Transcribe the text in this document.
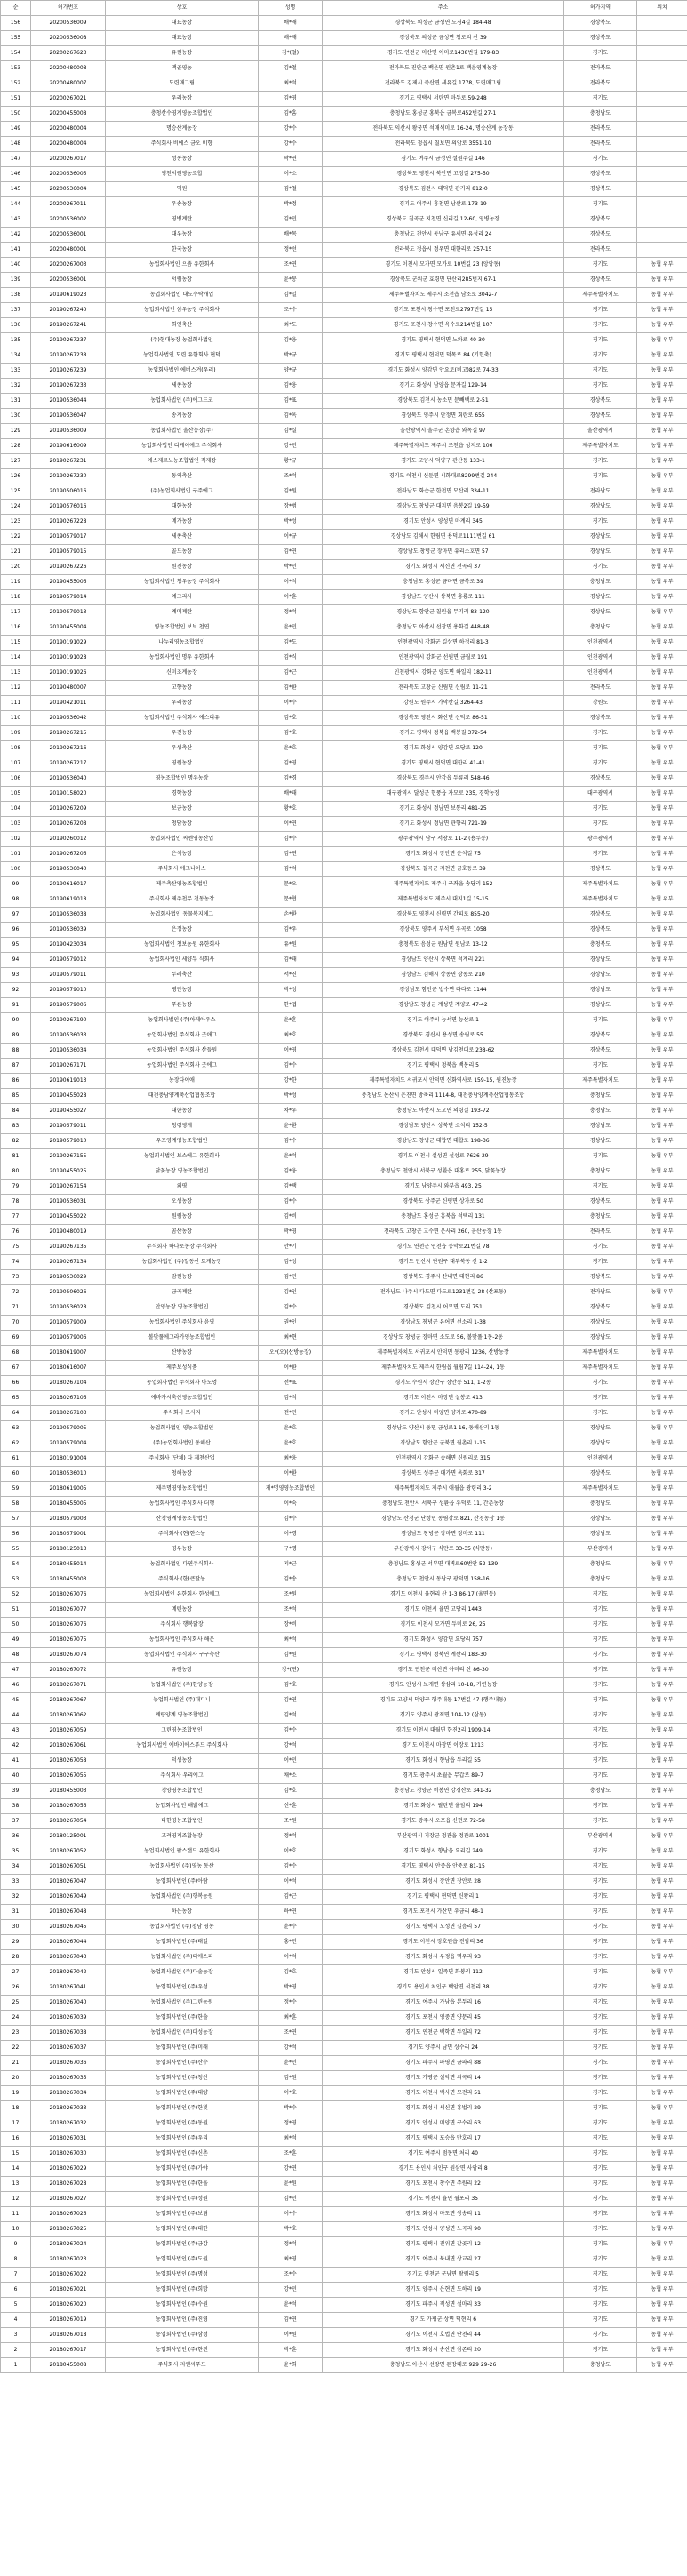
순	허가번호	상호	성명	주소	허가지역	위치
156	20200536009	대표농장	배*재	경상북도 의성군 금성면 도경4길 184-48	경상북도	
155	20200536008	대표농장	배*재	경상북도 의성군 금성면 청로리 산 39	경상북도	
154	20200267623	유원농장	김*(얼)	경기도 연천군 미산면 아미로1438번길 179-83	경기도	
153	20200480008	맥골영농	김*철	전라북도 진안군 백운면 원촌1로 백운영계농장	전라북도	
152	20200480007	도련매그림	최*석	전라북도 김제시 죽산면 세유길 1778, 도련매그림	전라북도	
151	20200267021	우리농장	김*영	경기도 평택시 서탄면 마두로 59-248	경기도	
150	20200455008	충청산수영계영농조합법인	김*흠	충청남도 홍성군 홍북읍 금복로452번길 27-1	충청남도	
149	20200480004	명승산계농장	강*수	전라북도 익산시 왕궁면 석매석미로 16-24, 명승산계 농장동	전라북도	
148	20200480004	주식회사 비에스 금오 미향	강*수	전라북도 정읍시 칠보면 의암로 3551-10	전라북도	
147	20200267017	성동농장	곽*연	경기도 여주시 금정면 설원주길 146	경기도	
146	20200536005	영천서원영농조합	이*소	경상북도 영천시 북안면 고정길 275-50	경상북도	
145	20200536004	덕원	김*철	경상북도 김천시 대덕면 관기리 812-0	경상북도	
144	20200267011	우송농장	박*정	경기도 여주시 흥천면 남산로 173-19	경기도	
143	20200536002	영병계란	김*민	경상북도 칠곡군 지천면 신리길 12-60, 영병농장	경상북도	
142	20200536001	대우농장	배*목	충청남도 천안시 동남구 유세면 유성리 24	경상북도	
141	20200480001	한국농장	정*선	전라북도 정읍시 정우면 대한리로 257-15	전라북도	
140	20200267003	농업회사법인 으뜸 유한회사	조*연	경기도 이천시 모가면 모가로 10번길 23 (앙앙동)	경기도	농협 위부
139	20200536001	서림농장	윤*봉	경상북도 군위군 효령면 단산리285번지 67-1	경상북도	농협 위부
138	20190619023	농업회사법인 대도수탁개업	김*일	제주특별자치도 제주시 조천읍 남조로 3042-7	제주특별자치도	농협 위부
137	20190267240	농업회사법인 삼우농장 주식회사	조*수	경기도 포천시 창수면 포천로2797번길 15	경기도	농협 위부
136	20190267241	희연축산	최*도	경기도 포천시 창수면 옥수로214번길 107	경기도	농협 위부
135	20190267237	(주)현대농장 농업회사법인	김*웅	경기도 평택시 현덕면 노와로 40-30	경기도	농협 위부
134	20190267238	농업회사법인 도련 유한회사 현덕	박*규	경기도 평택시 현덕면 덕목로 84 (기헌축)	경기도	농협 위부
133	20190267239	농업회사법인 에버스겨(우리)	양*규	경기도 화성시 양감면 안요로(비고)82로 74-33	경기도	농협 위부
132	20190267233	세종농장	김*웅	경기도 화성시 남양읍 문자길 129-14	경기도	농협 위부
131	20190536044	농업회사법인 (주)에그드코	김*표	경상북도 김천시 농소면 문빼백로 2-51	경상북도	농협 위부
130	20190536047	송계농장	김*옥	경상북도 영주시 안정면 회란로 655	경상북도	농협 위부
129	20190536009	농업회사법인 울산농장(주)	김*실	울산광역시 울주군 온양읍 와목길 97	울산광역시	농협 위부
128	20190616009	농업회사법인 디케이에그 주식회사	강*민	제주특별자치도 제주시 조천읍 성지로 106	제주특별자치도	농협 위부
127	20190267231	에스제르노농조합법인 직제장	황*규	경기도 고양시 덕양구 관산동 133-1	경기도	농협 위부
126	20190267230	동의축산	조*석	경기도 이천시 신둔면 시화대로8299번길 244	경기도	농협 위부
125	20190506016	(주)농업회사법인 구주에그	김*원	전라남도 화순군 한천면 모산리 334-11	전라남도	농협 위부
124	20190576016	대한농장	장*범	경상남도 창녕군 대지면 음봉2길 19-59	경상남도	농협 위부
123	20190267228	메가농장	박*성	경기도 안성시 양성면 마계리 345	경기도	농협 위부
122	20190579017	세종축산	이*규	경상남도 김해시 한림면 용덕로1111번길 61	경상남도	농협 위부
121	20190579015	골드농장	김*연	경상남도 창녕군 장마면 유리소호면 57	경상남도	농협 위부
120	20190267226	원진농장	박*민	경기도 화성시 서신면 전곡리 37	경기도	농협 위부
119	20190455006	농업회사법인 청우농장 주식회사	이*석	충청남도 홍성군 금마면 금복로 39	충청남도	농협 위부
118	20190579014	예그리사	이*훈	경상남도 양산시 상북면 홍룡로 111	경상남도	농협 위부
117	20190579013	계미계란	정*석	경상남도 함안군 칠원읍 무기리 83-120	경상남도	농협 위부
116	20190455004	영농조합법인 보보 천연	윤*민	충청남도 아산시 선장면 용화길 448-48	충청남도	농협 위부
115	20190191029	나누리영농조합법인	김*도	인천광역시 강화군 길상면 하정리 81-3	인천광역시	농협 위부
114	20190191028	농업회사법인 명우 유한회사	김*식	인천광역시 강화군 선원면 금월로 191	인천광역시	농협 위부
113	20190191026	신미조계농장	김*근	인천광역시 강화군 양도면 하일리 182-11	인천광역시	농협 위부
112	20190480007	고향농장	김*환	전라북도 고창군 신림면 신림로 11-21	전라북도	농협 위부
111	20190421011	우리농장	이*수	강원도 원주시 가막산길 3264-43	강원도	농협 위부
110	20190536042	농업회사법인 주식회사 에스디유	김*호	경상북도 영천시 화산면 신덕로 86-51	경상북도	농협 위부
109	20190267215	우진농장	김*호	경기도 평택시 청북읍 백봉길 372-54	경기도	농협 위부
108	20190267216	우성축산	윤*호	경기도 화성시 양감면 요당로 120	경기도	농협 위부
107	20190267217	영원농장	김*영	경기도 평택시 현덕면 대한리 41-41	경기도	농협 위부
106	20190536040	영농조합법인 명우농장	김*경	경상북도 경주시 안강읍 두류리 548-46	경상북도	농협 위부
105	20190158020	경학농장	배*태	대구광역시 달성군 현풍읍 자모로 235, 경학농장	대구광역시	농협 위부
104	20190267209	보금농장	황*호	경기도 화성시 정남면 보통리 481-25	경기도	농협 위부
103	20190267208	청담농장	이*연	경기도 화성시 정남면 관항리 721-19	경기도	농협 위부
102	20190260012	농업회사법인 씨엔영농산업	김*수	광주광역시 남구 서창로 11-2 (용두동)	광주광역시	농협 위부
101	20190267206	은석농장	김*연	경기도 화성시 장안면 운석길 75	경기도	농협 위부
100	20190536040	주식회사 에그나이스	김*석	경상북도 칠곡군 지천면 금호동로 39	경상북도	농협 위부
99	20190616017	제주축산영농조합법인	문*오	제주특별자치도 제주시 구좌읍 송당리 152	제주특별자치도	농협 위부
98	20190619018	주식회사 제주천무 천동농장	문*협	제주특별자치도 제주시 대지1길 15-15	제주특별자치도	농협 위부
97	20190536038	농업회사법인 동물복지에그	손*환	경상북도 영천시 신령면 간피로 855-20	경상북도	농협 위부
96	20190536039	은정농장	김*우	경상북도 영주시 부석면 우곡로 1058	경상북도	농협 위부
95	20190423034	농업회사법인 청보농원 유한회사	유*원	충청북도 음성군 원남면 원남로 13-12	충청북도	농협 위부
94	20190579012	농업회사법인 세양두 식회사	김*태	경상남도 양산시 상북면 석계리 221	경상남도	농협 위부
93	20190579011	두레축산	서*진	경상남도 김해시 상동면 상동로 210	경상남도	농협 위부
92	20190579010	평안농장	박*성	경상남도 함안군 법수면 다다로 1144	경상남도	농협 위부
91	20190579006	푸른농장	한*엽	경상남도 창녕군 계성면 계양로 47-42	경상남도	농협 위부
90	20190267190	농업회사법인 (주)아레아우스	윤*훈	경기도 여주시 능서면 능산로 1	경기도	농협 위부
89	20190536033	농업회사법인 주식회사 굿애그	최*호	경상북도 경산시 용성면 송림로 55	경상북도	농협 위부
88	20190536034	농업회사법인 주식회사 산들원	이*영	경상북도 김천시 대덕면 남김천대로 238-62	경상북도	농협 위부
87	20190267171	농업회사법인 주식회사 굿에그	김*수	경기도 평택시 청북읍 백봉리 5	경기도	농협 위부
86	20190619013	농장다이애	강*한	제주특별자치도 서귀포시 안덕면 신화역사로 159-15, 원진농장	제주특별자치도	농협 위부
85	20190455028	대전충남양계축산업협동조합	박*성	충청남도 논산시 은진면 방축리 1114-8, 대전충남양계축산업협동조합	충청남도	농협 위부
84	20190455027	대한농장	차*우	충청남도 아산시 도고면 의령길 193-72	충청남도	농협 위부
83	20190579011	청령영계	윤*환	경상남도 양산시 상북면 소석리 152-5	경상남도	농협 위부
82	20190579010	우포영계영농조합법인	김*수	경상남도 창녕군 대합면 대합로 198-36	경상남도	농협 위부
81	20190267155	농업회사법인 보스에그 유한회사	윤*석	경기도 이천시 설성면 설성로 7626-29	경기도	농협 위부
80	20190455025	닭꽃농장 영농조합법인	김*웅	충청남도 천안시 서북구 성환읍 대홍로 255, 닭꽃농장	충청남도	농협 위부
79	20190267154	외평	김*택	경기도 남양주시 와부읍 493, 25	경기도	농협 위부
78	20190536031	오성농장	김*수	경상북도 상주군 신평면 상가로 50	경상북도	농협 위부
77	20190455022	원림농장	김*비	충청남도 홍성군 홍북읍 석택리 131	충청남도	농협 위부
76	20190480019	곰산농장	곽*영	전라북도 고창군 고수면 은사리 260, 곰산농장 1동	전라북도	농협 위부
75	20190267135	주식회사 하나로농장 주식회사	안*기	경기도 연천군 연천읍 동막로21번길 78	경기도	농협 위부
74	20190267134	농업회사법인 (주)일동산 토계농장	김*성	경기도 안산시 단원구 대부북동 산 1-2	경기도	농협 위부
73	20190536029	감원농장	김*민	경상북도 경주시 산내면 대현리 86	경상북도	농협 위부
72	20190506026	금곡계란	김*인	전라남도 나주시 다도면 다도로1231번길 28 (산포동)	전라남도	농협 위부
71	20190536028	안영농장 영농조합법인	김*수	경상북도 김천시 어모면 도리 751	경상북도	농협 위부
70	20190579009	농업회사법인 주식회사 윤영	권*인	경상남도 창녕군 유어면 선소리 1-38	경상남도	농협 위부
69	20190579006	볼맞풀에그라가영농조합법인	최*현	경상남도 창녕군 장마면 소도로 56, 볼맞풀 1동-2동	경상남도	농협 위부
68	20180619007	산방농장	오*(오)(산방농장)	제주특별자치도 서귀포시 안덕면 동광리 1236, 산방농장	제주특별자치도	농협 위부
67	20180616007	제주보성식품	이*환	제주특별자치도 제주시 한림읍 월림7길 114-24, 1동	제주특별자치도	농협 위부
66	20180267104	농업회사법인 주식회사 아도엉	전*표	경기도 수원시 장안구 장안동 511, 1-2동	경기도	농협 위부
65	20180267106	에바가시축산영농조합법인	김*석	경기도 이천시 마장면 설봉로 413	경기도	농협 위부
64	20180267103	주식회사 로사지	전*민	경기도 안성시 미양면 양지로 470-89	경기도	농협 위부
63	20190579005	농업회사법인 영농조합법인	윤*호	경상남도 양산시 동면 금성로1 16, 동해산리 1동	경상남도	농협 위부
62	20190579004	(주)농업회사법인 동해산	윤*호	경상남도 함안군 군북면 월촌리 1-15	경상남도	농협 위부
61	20180191004	주식회사 (단체) 다 제천산업	최*웅	인천광역시 강화군 송해면 신원리로 315	인천광역시	농협 위부
60	20180536010	청해농장	이*환	경상북도 성주군 대가면 옥화로 317	경상북도	농협 위부
59	20180619005	제주명영영농조합법인	제*명영영농조합법인	제주특별자치도 제주시 애월읍 광령리 3-2	제주특별자치도	농협 위부
58	20180455005	농업회사법인 주식회사 더행	이*숙	충청남도 천안시 서북구 성환읍 우덕로 11, 간촌농장	충청남도	농협 위부
57	20180579003	산청영계영농조합법인	김*수	경상남도 산청군 단성면 동림강로 821, 산청농장 1동	경상남도	농협 위부
56	20180579001	주식회사 (현)한스농	이*경	경상남도 창녕군 장마면 장마로 111	경상남도	농협 위부
55	20180125013	영우농장	구*명	부산광역시 강서구 식만로 33-35 (식만동)	부산광역시	농협 위부
54	20180455014	농업회사법인 다연주식회사	지*근	충청남도 홍성군 서부면 대벽로60번안 52-139	충청남도	농협 위부
53	20180455003	주식회사 (한)큰딸농	김*송	충청남도 천안시 동남구 광덕면 158-16	충청남도	농협 위부
52	20180267076	농업회사법인 유한회사 한성에그	조*원	경기도 이천시 율현리 산 1-3 86-17 (율면동)	경기도	농협 위부
51	20180267077	메텐농장	조*석	경기도 이천시 율면 고당리 1443	경기도	농협 위부
50	20180267076	주식회사 행복닭장	장*비	경기도 이천시 모가면 두미로 26, 25	경기도	농협 위부
49	20180267075	농업회사법인 주식회사 해은	최*석	경기도 화성시 양감면 요당리 757	경기도	농협 위부
48	20180267074	농업회사법인 주식회사 구구축산	김*원	경기도 평택시 청북면 계산리 183-30	경기도	농협 위부
47	20180267072	유원농장	강*(연)	경기도 연천군 미산면 아미리 산 86-30	경기도	농협 위부
46	20180267071	농업회사법인 (주)한양농장	김*호	경기도 안성시 보개면 상삼리 10-18, 가연농장	경기도	농협 위부
45	20180267067	농업회사법인 (주)대디니	김*연	경기도 고양시 덕양구 행주내동 17번길 47 (행주내동)	경기도	농협 위부
44	20180267062	계량양계 영농조합법인	김*석	경기도 양주시 광적면 104-12 (삼동)	경기도	농협 위부
43	20180267059	그린영농조합법인	김*수	경기도 이천시 대월면 한진2리 1909-14	경기도	농협 위부
42	20180267061	농업회사법인 에바이에스푸드 주식회사	강*석	경기도 이천시 마장면 이장로 1213	경기도	농협 위부
41	20180267058	덕성농장	이*민	경기도 화성시 향남읍 두리길 55	경기도	농협 위부
40	20180267055	주식회사 우리에그	채*소	경기도 광주시 초월읍 무갑로 89-7	경기도	농협 위부
39	20180455003	청양영농조합법인	김*호	충청남도 청양군 비봉면 강경산로 341-32	충청남도	농협 위부
38	20180267056	농업회사법인 해밝에그	신*훈	경기도 화성시 팔탄면 율암리 194	경기도	농협 위부
37	20180267054	다한영농조합법인	조*원	경기도 광주시 오포읍 신현로 72-58	경기도	농협 위부
36	20180125001	고려영계조합농장	정*석	부산광역시 기장군 정관읍 정관로 1001	부산광역시	농협 위부
35	20180267052	농업회사법인 팜스랜드 유한회사	이*호	경기도 화성시 향남읍 요리길 249	경기도	농협 위부
34	20180267051	농업회사법인 (주)영농 동산	김*수	경기도 평택시 안중읍 안중로 81-15	경기도	농협 위부
33	20180267047	농업회사법인 (주)아람	이*석	경기도 화성시 장안면 장안로 28	경기도	농협 위부
32	20180267049	농업회사법인 (주)행복농원	김*근	경기도 평택시 현덕면 신왕리 1	경기도	농협 위부
31	20180267048	하은농장	하*연	경기도 포천시 가산면 우금리 48-1	경기도	농협 위부
30	20180267045	농업회사법인 (주)청남 영농	윤*수	경기도 평택시 오성면 길음리 57	경기도	농협 위부
29	20180267044	농업회사법인 (주)태일	홍*민	경기도 이천시 장호원읍 진암리 36	경기도	농협 위부
28	20180267043	농업회사법인 (주)디에스피	이*석	경기도 화성시 우정읍 멱우리 93	경기도	농협 위부
27	20180267042	농업회사법인 (주)다솔농장	김*호	경기도 안성시 일죽면 화봉리 112	경기도	농협 위부
26	20180267041	농업회사법인 (주)우성	박*영	경기도 용인시 처인구 백암면 석천리 38	경기도	농협 위부
25	20180267040	농업회사법인 (주)그린농원	정*수	경기도 여주시 가남읍 본두리 16	경기도	농협 위부
24	20180267039	농업회사법인 (주)한솔	최*훈	경기도 포천시 영중면 양문리 45	경기도	농협 위부
23	20180267038	농업회사법인 (주)대성농장	조*연	경기도 연천군 백학면 두일리 72	경기도	농협 위부
22	20180267037	농업회사법인 (주)미래	강*석	경기도 양주시 남면 상수리 24	경기도	농협 위부
21	20180267036	농업회사법인 (주)산수	윤*민	경기도 파주시 파평면 금파리 88	경기도	농협 위부
20	20180267035	농업회사법인 (주)청산	김*원	경기도 가평군 설악면 위곡리 14	경기도	농협 위부
19	20180267034	농업회사법인 (주)대양	이*호	경기도 이천시 백사면 모전리 51	경기도	농협 위부
18	20180267033	농업회사법인 (주)한빛	박*수	경기도 화성시 서신면 홍법리 29	경기도	농협 위부
17	20180267032	농업회사법인 (주)동원	정*영	경기도 안성시 미양면 구수리 63	경기도	농협 위부
16	20180267031	농업회사법인 (주)우리	최*석	경기도 평택시 포승읍 만호리 17	경기도	농협 위부
15	20180267030	농업회사법인 (주)신촌	조*훈	경기도 여주시 점동면 처리 40	경기도	농협 위부
14	20180267029	농업회사법인 (주)가야	강*연	경기도 용인시 처인구 원삼면 사암리 8	경기도	농협 위부
13	20180267028	농업회사법인 (주)한울	윤*원	경기도 포천시 창수면 주원리 22	경기도	농협 위부
12	20180267027	농업회사법인 (주)성원	김*민	경기도 이천시 율면 월포리 35	경기도	농협 위부
11	20180267026	농업회사법인 (주)보림	이*수	경기도 화성시 마도면 쌍송리 11	경기도	농협 위부
10	20180267025	농업회사법인 (주)대한	박*호	경기도 안성시 양성면 노곡리 90	경기도	농협 위부
9	20180267024	농업회사법인 (주)금강	정*석	경기도 평택시 진위면 갈곶리 12	경기도	농협 위부
8	20180267023	농업회사법인 (주)도원	최*영	경기도 여주시 북내면 상교리 27	경기도	농협 위부
7	20180267022	농업회사법인 (주)명성	조*수	경기도 연천군 군남면 왕림리 5	경기도	농협 위부
6	20180267021	농업회사법인 (주)희망	강*민	경기도 양주시 은현면 도하리 19	경기도	농협 위부
5	20180267020	농업회사법인 (주)수원	윤*석	경기도 파주시 적성면 설마리 33	경기도	농협 위부
4	20180267019	농업회사법인 (주)진영	김*연	경기도 가평군 상면 덕현리 6	경기도	농협 위부
3	20180267018	농업회사법인 (주)삼성	이*원	경기도 이천시 호법면 단천리 44	경기도	농협 위부
2	20180267017	농업회사법인 (주)한진	박*훈	경기도 화성시 송산면 삼존리 20	경기도	농협 위부
1	20180455008	주식회사 지엔씨푸드	윤*희	충청남도 아산시 선장면 돈장대로 929 29-26	충청남도	농협 위부
